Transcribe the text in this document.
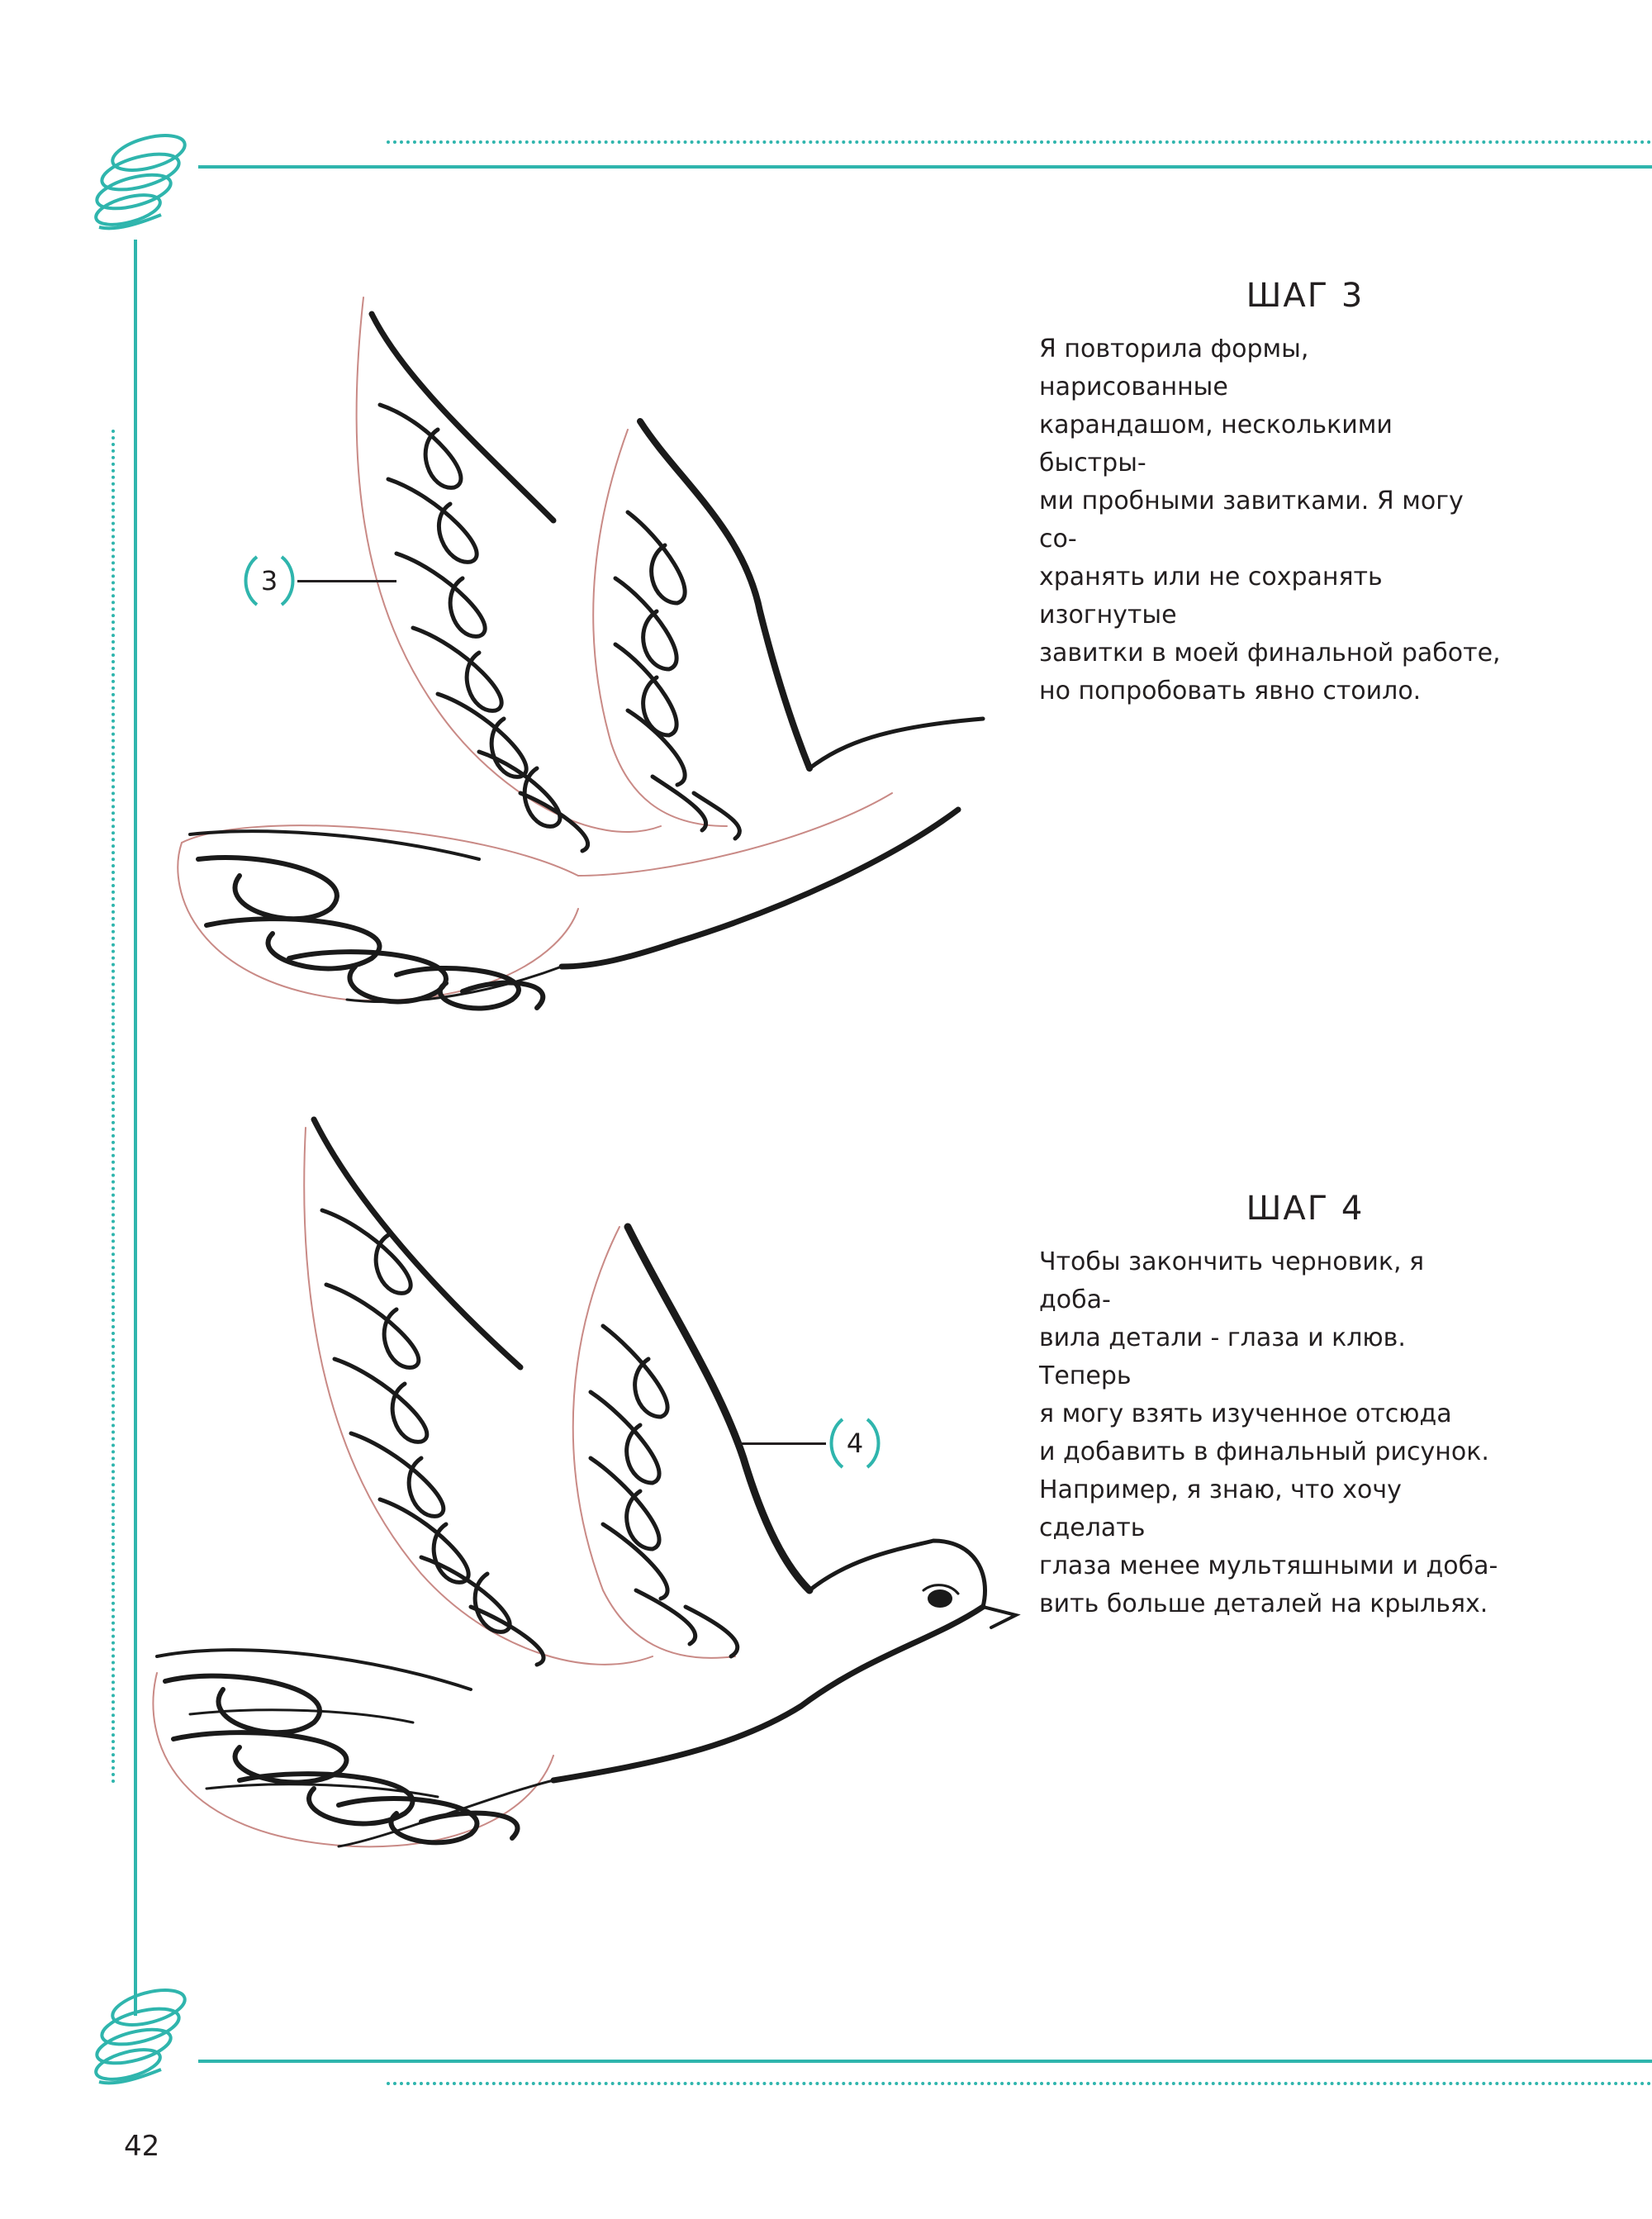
ШАГ 3
Я повторила формы, нарисованные
карандашом, несколькими быстры-
ми пробными завитками. Я могу со-
хранять или не сохранять изогнутые
завитки в моей финальной работе,
но попробовать явно стоило.
3
ШАГ 4
Чтобы закончить черновик, я доба-
вила детали - глаза и клюв. Теперь
я могу взять изученное отсюда
и добавить в финальный рисунок.
Например, я знаю, что хочу сделать
глаза менее мультяшными и доба-
вить больше деталей на крыльях.
4
42
